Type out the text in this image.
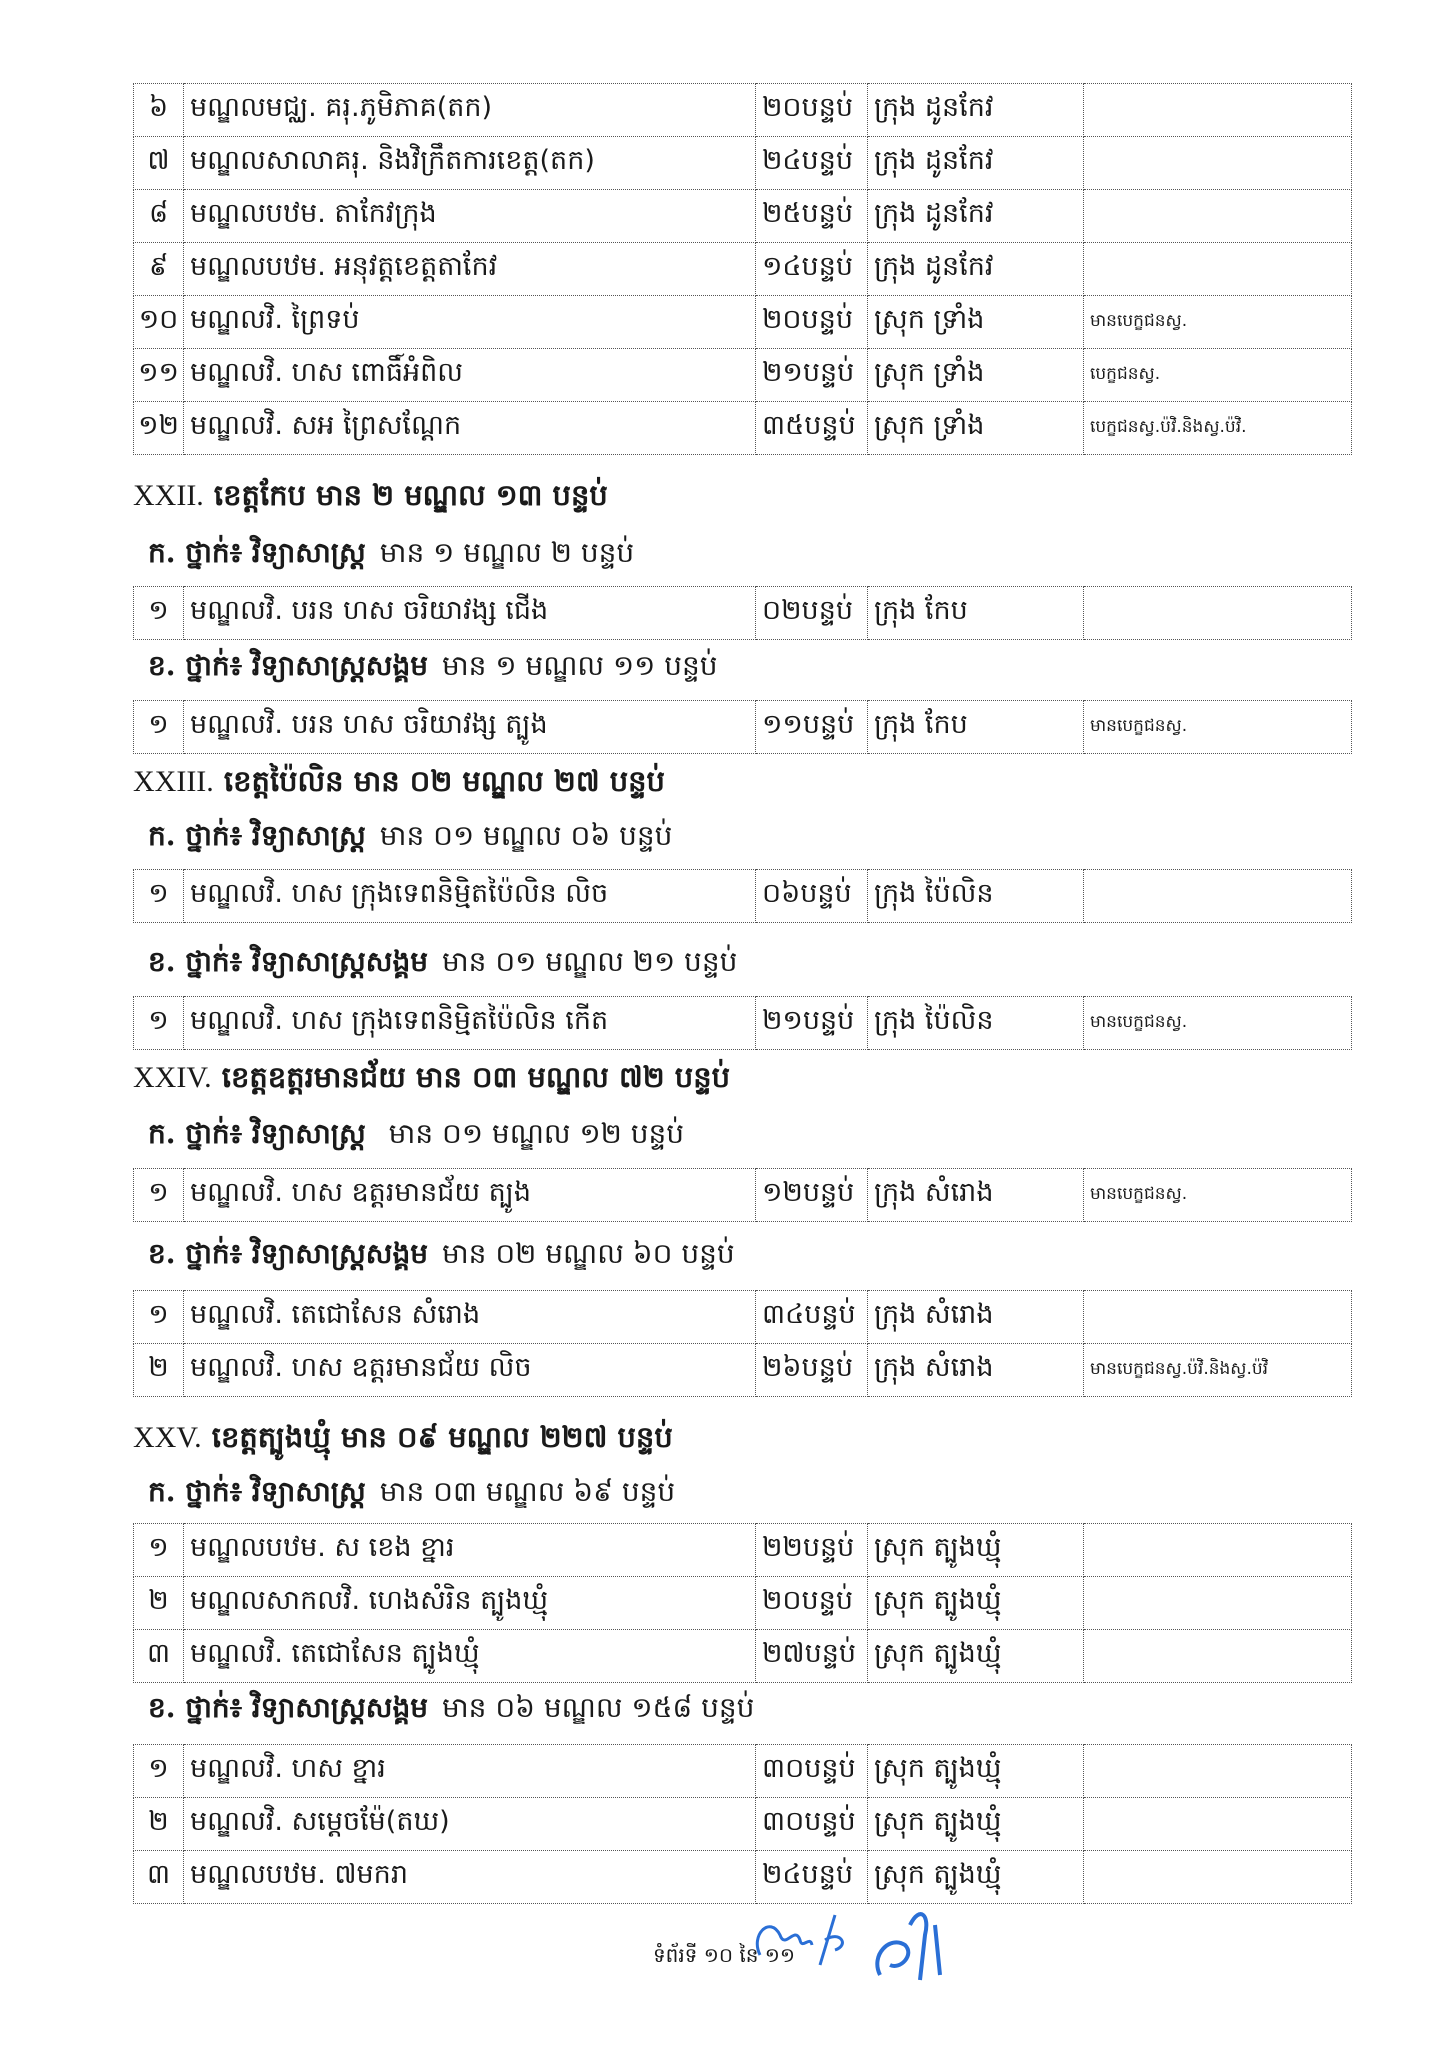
៦	មណ្ឌលមជ្ឈ. គរុ.ភូមិភាគ(តក)	២០បន្ទប់	ក្រុង ដូនកែវ	
៧	មណ្ឌលសាលាគរុ. និងវិក្រឹតការខេត្ត(តក)	២៤បន្ទប់	ក្រុង ដូនកែវ	
៨	មណ្ឌលបឋម. តាកែវក្រុង	២៥បន្ទប់	ក្រុង ដូនកែវ	
៩	មណ្ឌលបឋម. អនុវត្តខេត្តតាកែវ	១៤បន្ទប់	ក្រុង ដូនកែវ	
១០	មណ្ឌលវិ. ព្រៃទប់	២០បន្ទប់	ស្រុក ទ្រាំង	មានបេក្ខជនស្វ.
១១	មណ្ឌលវិ. ហស ពោធិ៍អំពិល	២១បន្ទប់	ស្រុក ទ្រាំង	បេក្ខជនស្វ.
១២	មណ្ឌលវិ. សអ ព្រៃសណ្តែក	៣៥បន្ទប់	ស្រុក ទ្រាំង	បេក្ខជនស្វ.ប៉វិ.និងស្វ.ប៉វិ.
XXII. ខេត្តកែប មាន ២ មណ្ឌល ១៣ បន្ទប់
ក. ថ្នាក់៖ វិទ្យាសាស្ត្រ មាន ១ មណ្ឌល ២ បន្ទប់
១	មណ្ឌលវិ. បរន ហស ចរិយាវង្ស ជើង	០២បន្ទប់	ក្រុង កែប	
ខ. ថ្នាក់៖ វិទ្យាសាស្ត្រសង្គម មាន ១ មណ្ឌល ១១ បន្ទប់
១	មណ្ឌលវិ. បរន ហស ចរិយាវង្ស ត្បូង	១១បន្ទប់	ក្រុង កែប	មានបេក្ខជនស្វ.
XXIII. ខេត្តប៉ៃលិន មាន ០២ មណ្ឌល ២៧ បន្ទប់
ក. ថ្នាក់៖ វិទ្យាសាស្ត្រ មាន ០១ មណ្ឌល ០៦ បន្ទប់
១	មណ្ឌលវិ. ហស ក្រុងទេពនិម្មិតប៉ៃលិន លិច	០៦បន្ទប់	ក្រុង ប៉ៃលិន	
ខ. ថ្នាក់៖ វិទ្យាសាស្ត្រសង្គម មាន ០១ មណ្ឌល ២១ បន្ទប់
១	មណ្ឌលវិ. ហស ក្រុងទេពនិម្មិតប៉ៃលិន កើត	២១បន្ទប់	ក្រុង ប៉ៃលិន	មានបេក្ខជនស្វ.
XXIV. ខេត្តឧត្តរមានជ័យ មាន ០៣ មណ្ឌល ៧២ បន្ទប់
ក. ថ្នាក់៖ វិទ្យាសាស្ត្រ មាន ០១ មណ្ឌល ១២ បន្ទប់
១	មណ្ឌលវិ. ហស ឧត្តរមានជ័យ ត្បូង	១២បន្ទប់	ក្រុង សំរោង	មានបេក្ខជនស្វ.
ខ. ថ្នាក់៖ វិទ្យាសាស្ត្រសង្គម មាន ០២ មណ្ឌល ៦០ បន្ទប់
១	មណ្ឌលវិ. តេជោសែន សំរោង	៣៤បន្ទប់	ក្រុង សំរោង	
២	មណ្ឌលវិ. ហស ឧត្តរមានជ័យ លិច	២៦បន្ទប់	ក្រុង សំរោង	មានបេក្ខជនស្វ.ប៉វិ.និងស្វ.ប៉វិ
XXV. ខេត្តត្បូងឃ្មុំ មាន ០៩ មណ្ឌល ២២៧ បន្ទប់
ក. ថ្នាក់៖ វិទ្យាសាស្ត្រ មាន ០៣ មណ្ឌល ៦៩ បន្ទប់
១	មណ្ឌលបឋម. ស ខេង ខ្នារ	២២បន្ទប់	ស្រុក ត្បូងឃ្មុំ	
២	មណ្ឌលសាកលវិ. ហេងសំរិន ត្បូងឃ្មុំ	២០បន្ទប់	ស្រុក ត្បូងឃ្មុំ	
៣	មណ្ឌលវិ. តេជោសែន ត្បូងឃ្មុំ	២៧បន្ទប់	ស្រុក ត្បូងឃ្មុំ	
ខ. ថ្នាក់៖ វិទ្យាសាស្ត្រសង្គម មាន ០៦ មណ្ឌល ១៥៨ បន្ទប់
១	មណ្ឌលវិ. ហស ខ្នារ	៣០បន្ទប់	ស្រុក ត្បូងឃ្មុំ	
២	មណ្ឌលវិ. សម្តេចម៉ែ(តឃ)	៣០បន្ទប់	ស្រុក ត្បូងឃ្មុំ	
៣	មណ្ឌលបឋម. ៧មករា	២៤បន្ទប់	ស្រុក ត្បូងឃ្មុំ	
ទំព័រទី ១០ នៃ ១១
